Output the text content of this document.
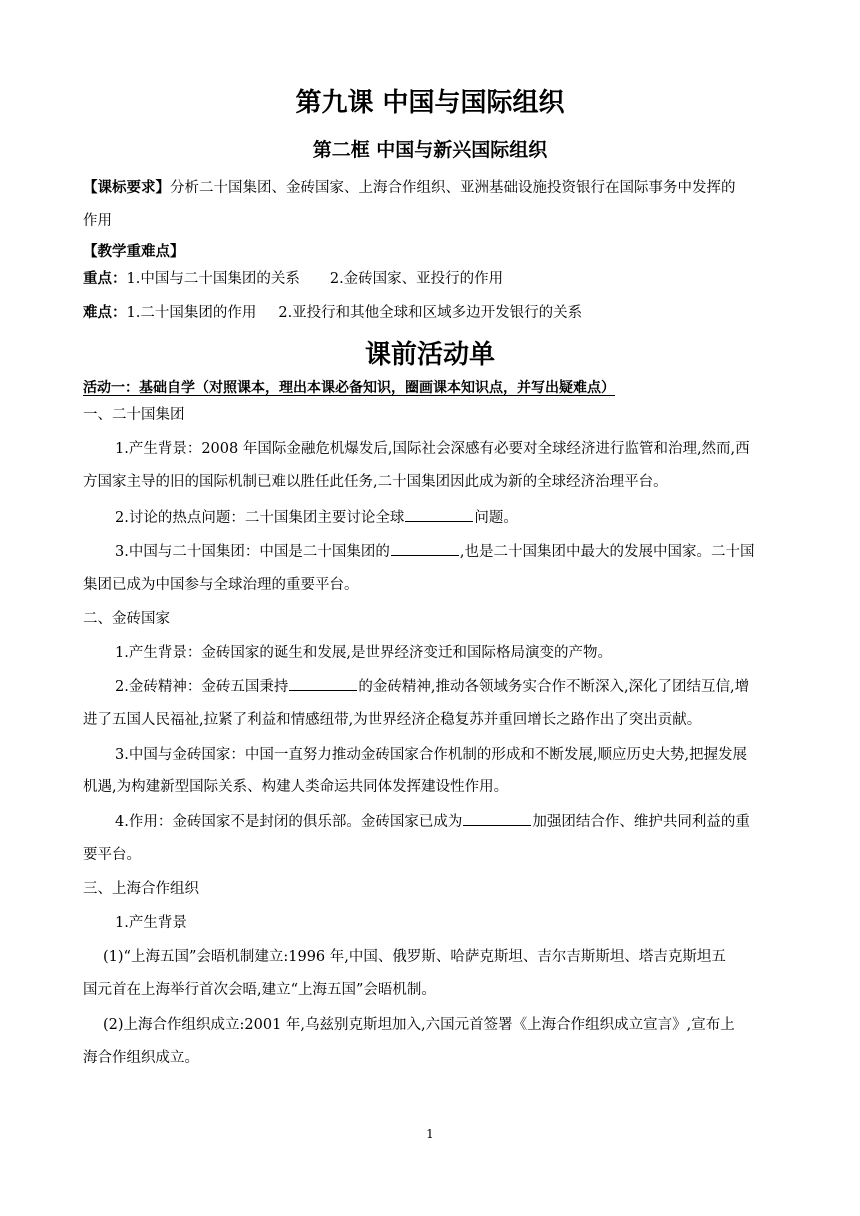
第九课 中国与国际组织
第二框 中国与新兴国际组织
【课标要求】分析二十国集团、金砖国家、上海合作组织、亚洲基础设施投资银行在国际事务中发挥的
作用
【教学重难点】
重点：1.中国与二十国集团的关系 2.金砖国家、亚投行的作用
难点：1.二十国集团的作用 2.亚投行和其他全球和区域多边开发银行的关系
课前活动单
活动一：基础自学（对照课本，理出本课必备知识，圈画课本知识点，并写出疑难点）
一、二十国集团
1.产生背景：2008 年国际金融危机爆发后,国际社会深感有必要对全球经济进行监管和治理,然而,西
方国家主导的旧的国际机制已难以胜任此任务,二十国集团因此成为新的全球经济治理平台。
2.讨论的热点问题：二十国集团主要讨论全球	问题。
3.中国与二十国集团：中国是二十国集团的	,也是二十国集团中最大的发展中国家。二十国
集团已成为中国参与全球治理的重要平台。
二、金砖国家
1.产生背景：金砖国家的诞生和发展,是世界经济变迁和国际格局演变的产物。
2.金砖精神：金砖五国秉持	的金砖精神,推动各领域务实合作不断深入,深化了团结互信,增
进了五国人民福祉,拉紧了利益和情感纽带,为世界经济企稳复苏并重回增长之路作出了突出贡献。
3.中国与金砖国家：中国一直努力推动金砖国家合作机制的形成和不断发展,顺应历史大势,把握发展
机遇,为构建新型国际关系、构建人类命运共同体发挥建设性作用。
4.作用：金砖国家不是封闭的俱乐部。金砖国家已成为	加强团结合作、维护共同利益的重
要平台。
三、上海合作组织
1.产生背景
(1)“上海五国”会晤机制建立:1996 年,中国、俄罗斯、哈萨克斯坦、吉尔吉斯斯坦、塔吉克斯坦五
国元首在上海举行首次会晤,建立“上海五国”会晤机制。
(2)上海合作组织成立:2001 年,乌兹别克斯坦加入,六国元首签署《上海合作组织成立宣言》,宣布上
海合作组织成立。
1
